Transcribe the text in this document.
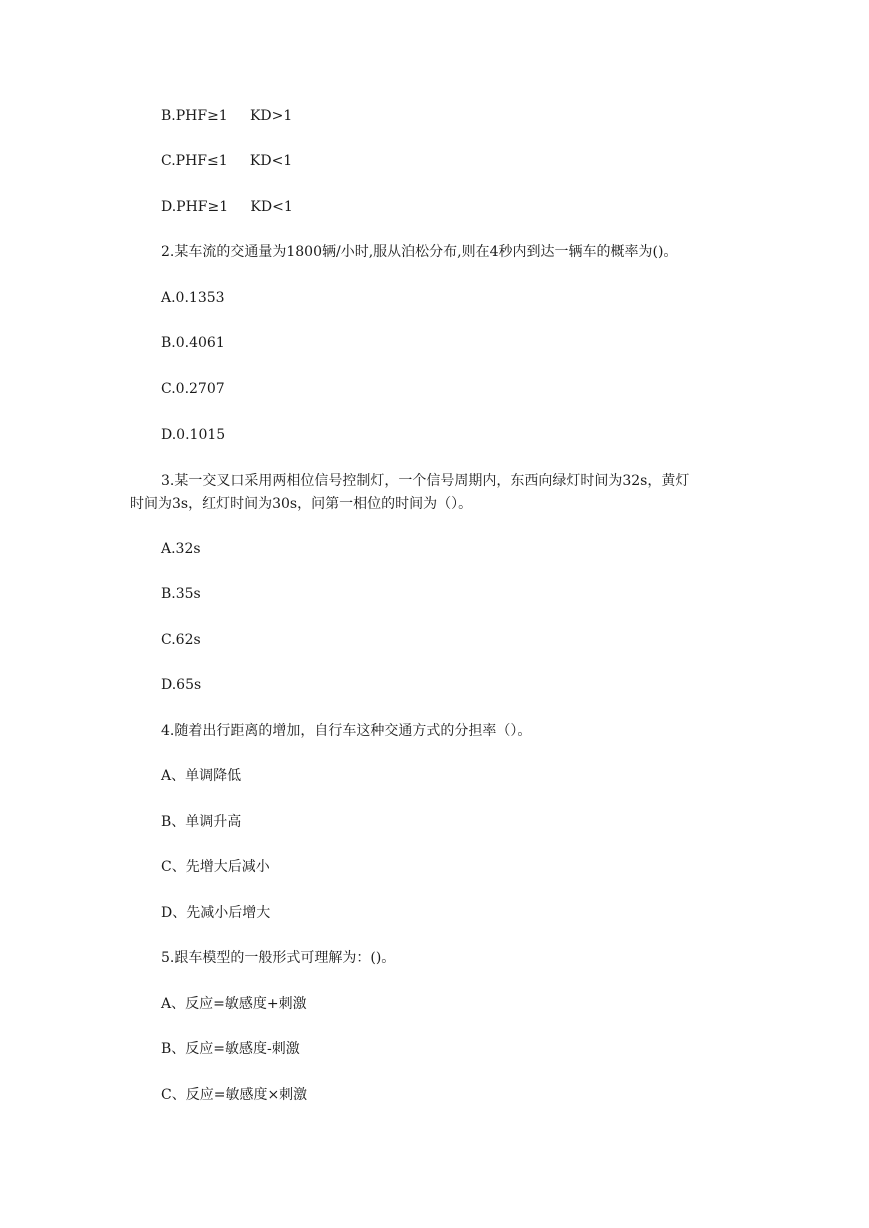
B.PHF≥1     KD>1
C.PHF≤1     KD<1
D.PHF≥1     KD<1
2.某车流的交通量为1800辆/小时,服从泊松分布,则在4秒内到达一辆车的概率为()。
A.0.1353
B.0.4061
C.0.2707
D.0.1015
3.某一交叉口采用两相位信号控制灯，一个信号周期内，东西向绿灯时间为32s，黄灯
时间为3s，红灯时间为30s，问第一相位的时间为（）。
A.32s
B.35s
C.62s
D.65s
4.随着出行距离的增加，自行车这种交通方式的分担率（）。
A、单调降低
B、单调升高
C、先增大后减小
D、先减小后增大
5.跟车模型的一般形式可理解为：()。
A、反应=敏感度+刺激
B、反应=敏感度-刺激
C、反应=敏感度×刺激
